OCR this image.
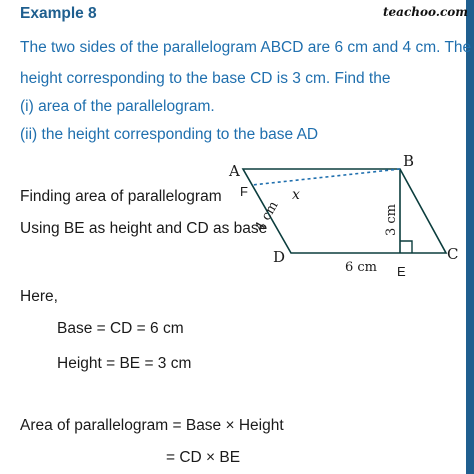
Example 8	teachoo.com
The two sides of the parallelogram ABCD are 6 cm and 4 cm. The
height corresponding to the base CD is 3 cm. Find the
(i) area of the parallelogram.
(ii) the height corresponding to the base AD
Finding area of parallelogram
Using BE as height and CD as base
Here,
Base = CD = 6 cm
Height = BE = 3 cm
Area of parallelogram = Base × Height
= CD × BE
A
B
C
D
E
F	x
4 cm	3 cm
6 cm
